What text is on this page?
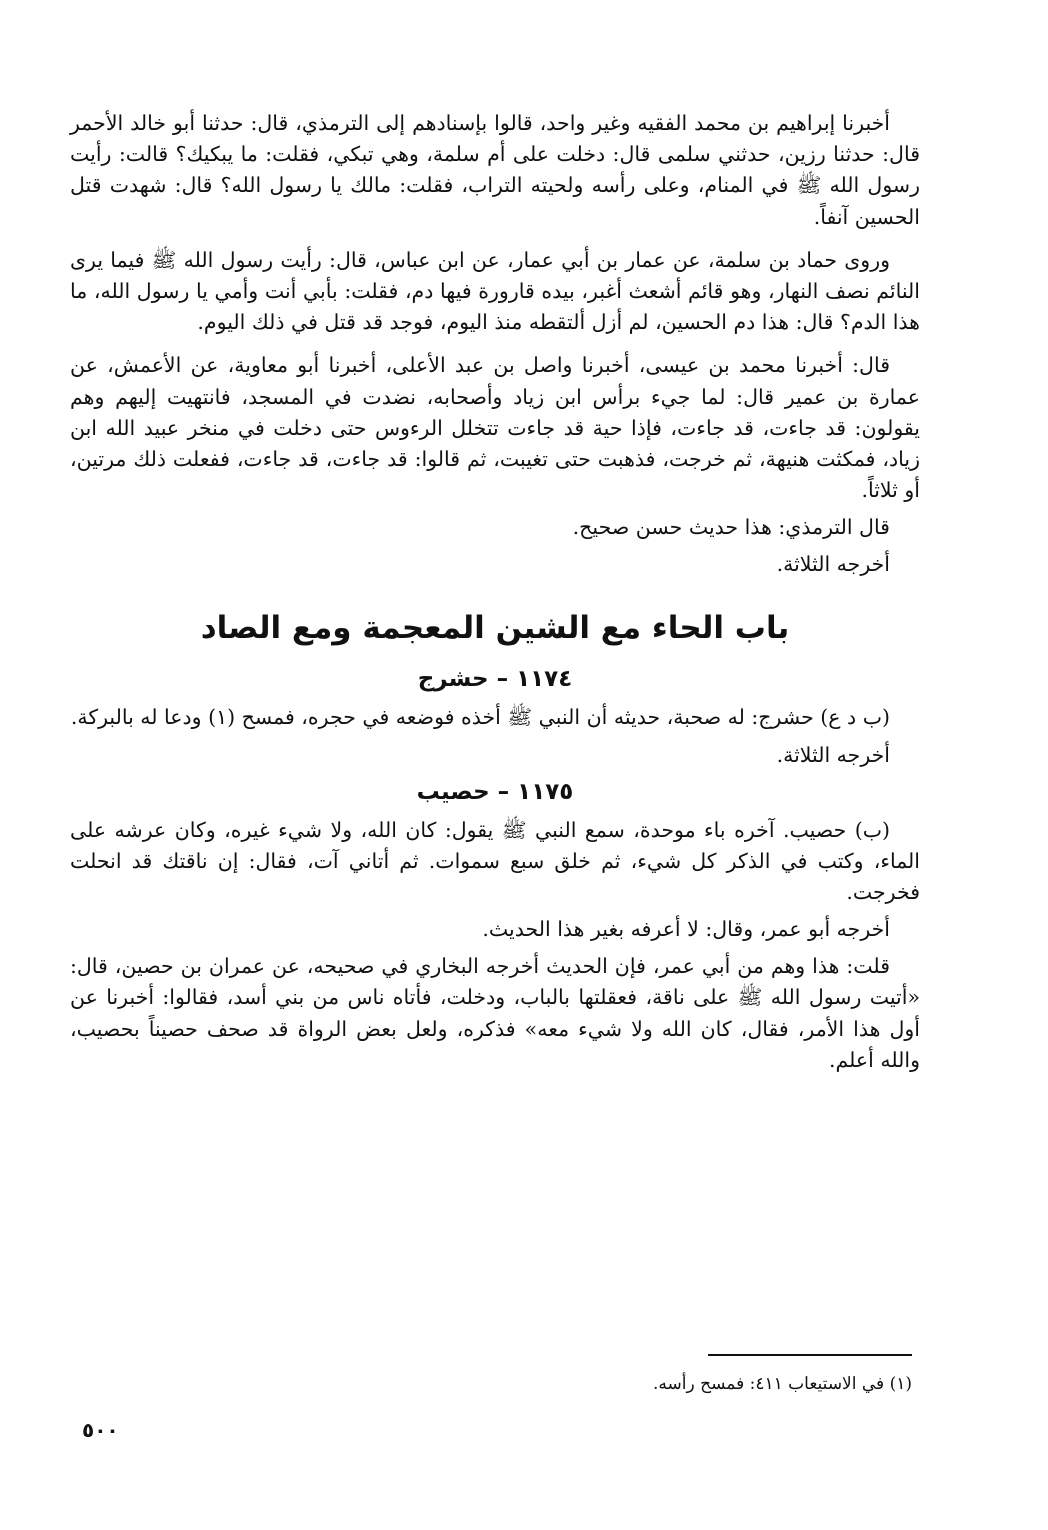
أخبرنا إبراهيم بن محمد الفقيه وغير واحد، قالوا بإسنادهم إلى الترمذي، قال: حدثنا أبو خالد الأحمر قال: حدثنا رزين، حدثني سلمى قال: دخلت على أم سلمة، وهي تبكي، فقلت: ما يبكيك؟ قالت: رأيت رسول الله ﷺ في المنام، وعلى رأسه ولحيته التراب، فقلت: مالك يا رسول الله؟ قال: شهدت قتل الحسين آنفاً.

وروى حماد بن سلمة، عن عمار بن أبي عمار، عن ابن عباس، قال: رأيت رسول الله ﷺ فيما يرى النائم نصف النهار، وهو قائم أشعث أغبر، بيده قارورة فيها دم، فقلت: بأبي أنت وأمي يا رسول الله، ما هذا الدم؟ قال: هذا دم الحسين، لم أزل ألتقطه منذ اليوم، فوجد قد قتل في ذلك اليوم.

قال: أخبرنا محمد بن عيسى، أخبرنا واصل بن عبد الأعلى، أخبرنا أبو معاوية، عن الأعمش، عن عمارة بن عمير قال: لما جيء برأس ابن زياد وأصحابه، نضدت في المسجد، فانتهيت إليهم وهم يقولون: قد جاءت، قد جاءت، فإذا حية قد جاءت تتخلل الرءوس حتى دخلت في منخر عبيد الله ابن زياد، فمكثت هنيهة، ثم خرجت، فذهبت حتى تغيبت، ثم قالوا: قد جاءت، قد جاءت، ففعلت ذلك مرتين، أو ثلاثاً.

قال الترمذي: هذا حديث حسن صحيح.

أخرجه الثلاثة.

باب الحاء مع الشين المعجمة ومع الصاد
١١٧٤ – حشرج

(ب د ع) حشرج: له صحبة، حديثه أن النبي ﷺ أخذه فوضعه في حجره، فمسح (١) ودعا له بالبركة.

أخرجه الثلاثة.

١١٧٥ – حصيب

(ب) حصيب. آخره باء موحدة، سمع النبي ﷺ يقول: كان الله، ولا شيء غيره، وكان عرشه على الماء، وكتب في الذكر كل شيء، ثم خلق سبع سموات. ثم أتاني آت، فقال: إن ناقتك قد انحلت فخرجت.

أخرجه أبو عمر، وقال: لا أعرفه بغير هذا الحديث.

قلت: هذا وهم من أبي عمر، فإن الحديث أخرجه البخاري في صحيحه، عن عمران بن حصين، قال: «أتيت رسول الله ﷺ على ناقة، فعقلتها بالباب، ودخلت، فأتاه ناس من بني أسد، فقالوا: أخبرنا عن أول هذا الأمر، فقال، كان الله ولا شيء معه» فذكره، ولعل بعض الرواة قد صحف حصيناً بحصيب، والله أعلم.

(١) في الاستيعاب ٤١١: فمسح رأسه.
٥٠٠
